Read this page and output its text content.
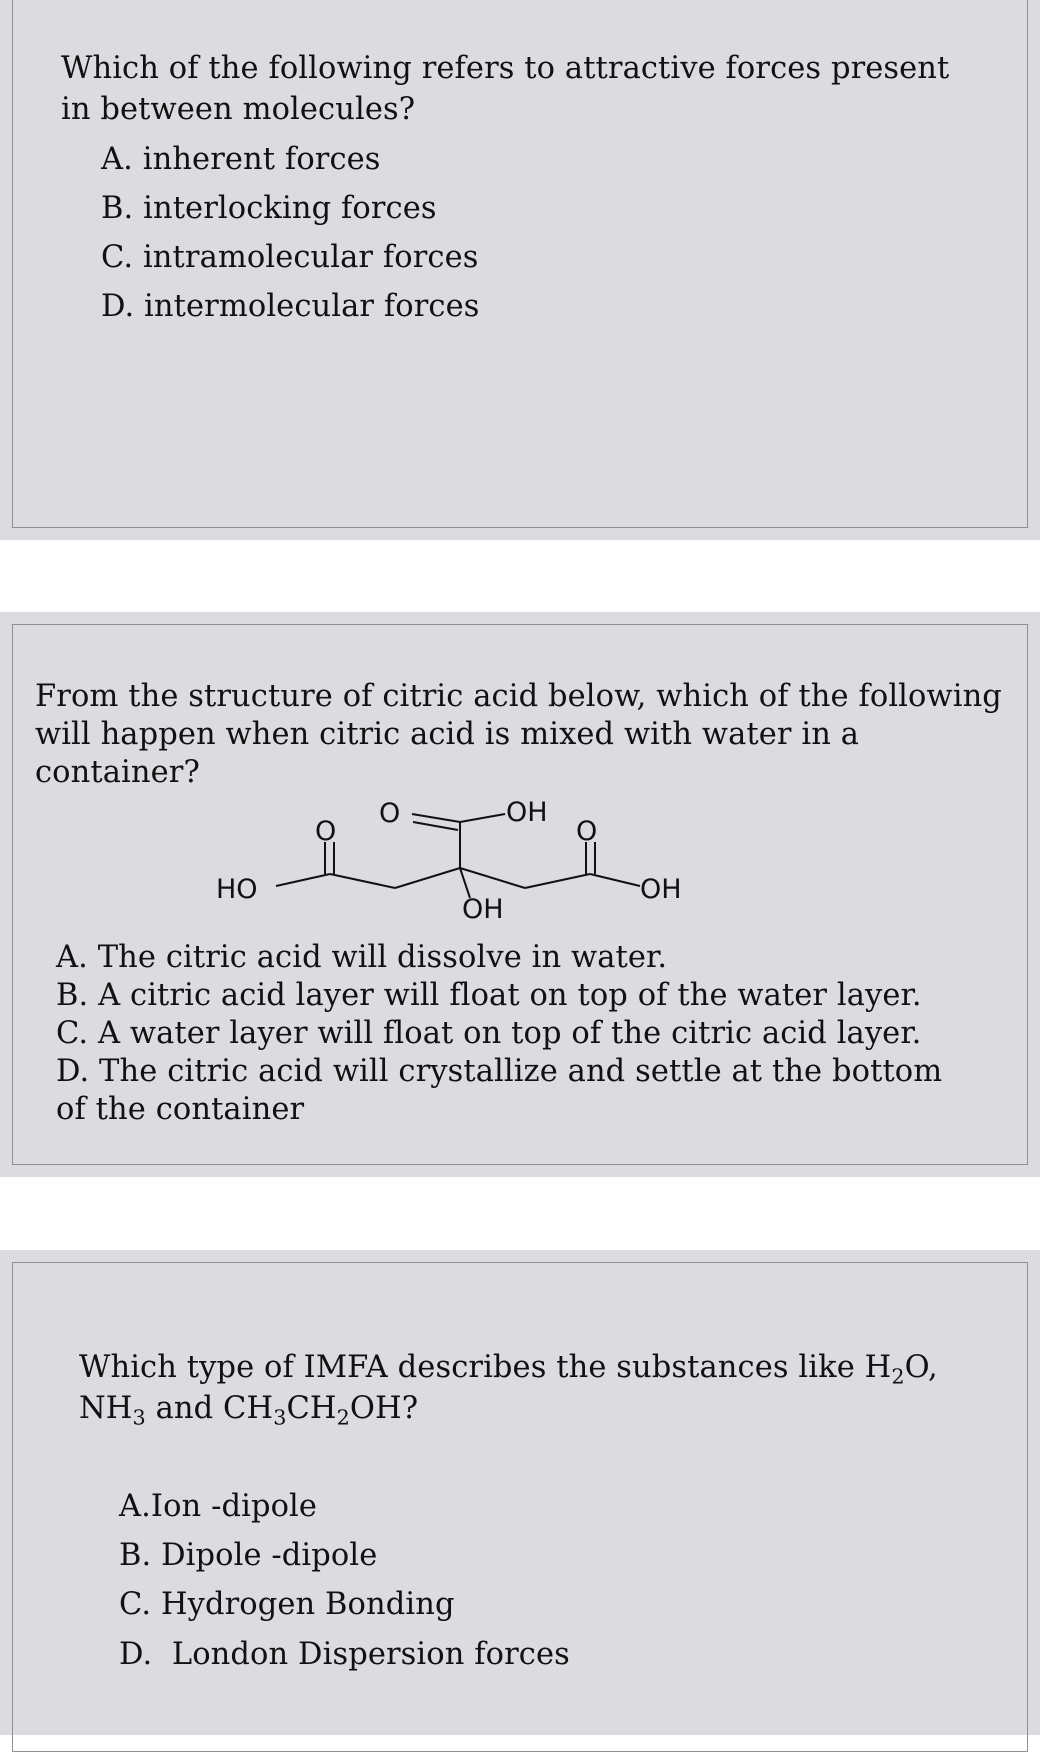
Which of the following refers to attractive forces present
in between molecules?
A. inherent forces
B. interlocking forces
C. intramolecular forces
D. intermolecular forces
From the structure of citric acid below, which of the following
will happen when citric acid is mixed with water in a
container?
O	O
O	OH
HO	OH
OH
A. The citric acid will dissolve in water.
B. A citric acid layer will float on top of the water layer.
C. A water layer will float on top of the citric acid layer.
D. The citric acid will crystallize and settle at the bottom
of the container
Which type of IMFA describes the substances like $H_2O$,
$NH_3$ and $CH_3CH_2OH$?
A.Ion -dipole
B. Dipole -dipole
C. Hydrogen Bonding
D.  London Dispersion forces
